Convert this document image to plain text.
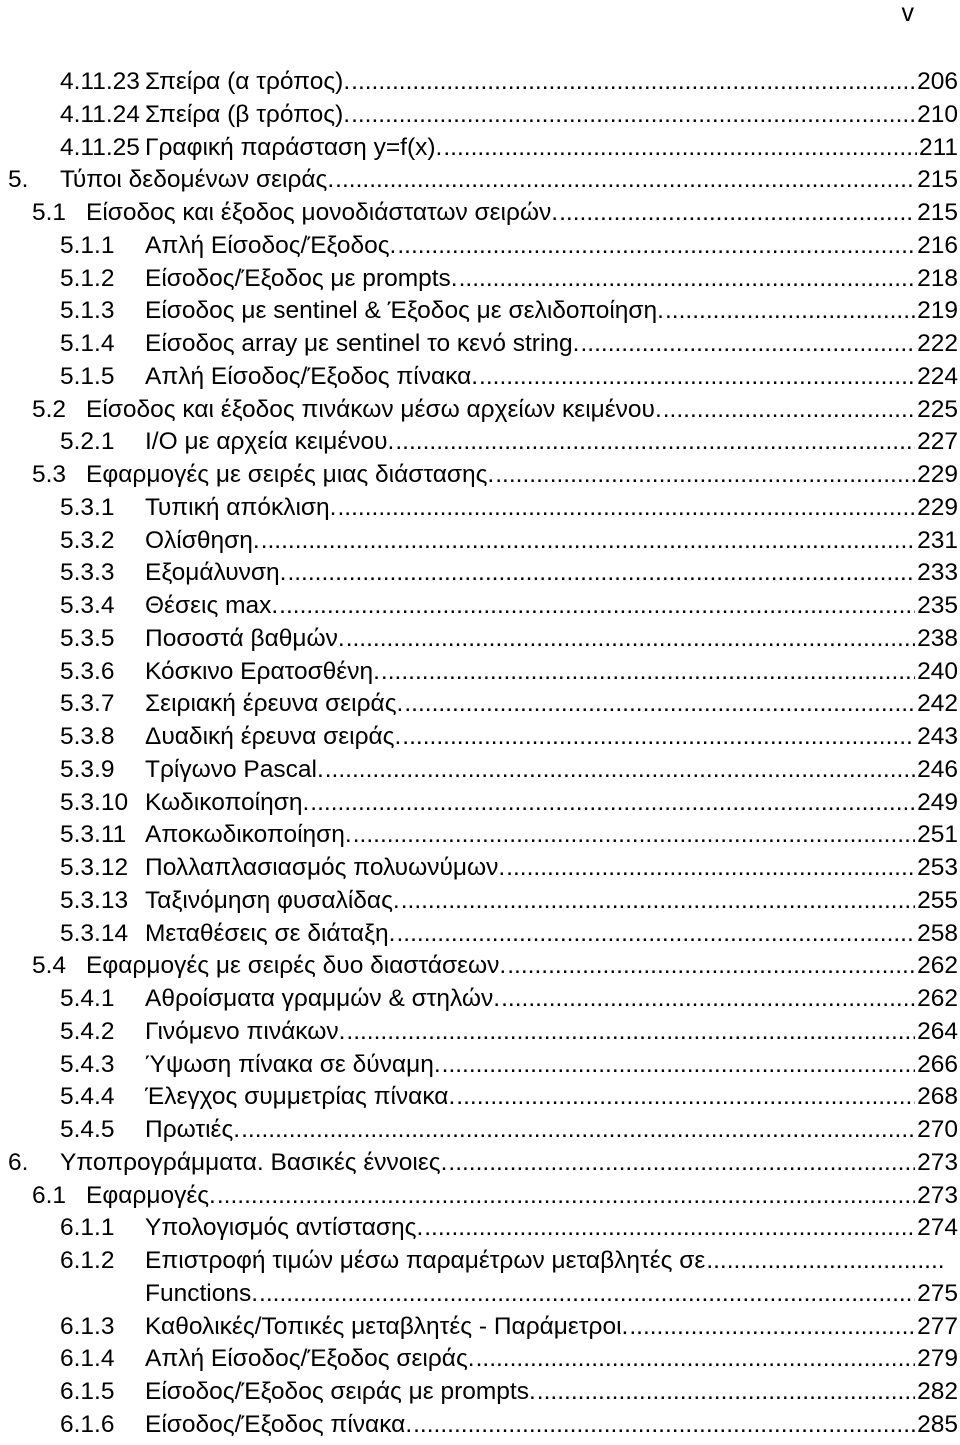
v
4.11.23 Σπείρα (α τρόπος). .....	206
4.11.24 Σπείρα (β τρόπος). .....	210
4.11.25 Γραφική παράσταση y=f(x). .....	211
5. Τύποι δεδομένων σειράς. .....	215
5.1 Είσοδος και έξοδος μονοδιάστατων σειρών. .....	215
5.1.1 Απλή Είσοδος/Έξοδος. .....	216
5.1.2 Είσοδος/Έξοδος με prompts. .....	218
5.1.3 Είσοδος με sentinel & Έξοδος με σελιδοποίηση. .....	219
5.1.4 Είσοδος array με sentinel το κενό string. .....	222
5.1.5 Απλή Είσοδος/Έξοδος πίνακα. .....	224
5.2 Είσοδος και έξοδος πινάκων μέσω αρχείων κειμένου. .....	225
5.2.1 I/O με αρχεία κειμένου. .....	227
5.3 Εφαρμογές με σειρές μιας διάστασης. .....	229
5.3.1 Τυπική απόκλιση. .....	229
5.3.2 Ολίσθηση. .....	231
5.3.3 Εξομάλυνση. .....	233
5.3.4 Θέσεις max. .....	235
5.3.5 Ποσοστά βαθμών. .....	238
5.3.6 Κόσκινο Ερατοσθένη. .....	240
5.3.7 Σειριακή έρευνα σειράς. .....	242
5.3.8 Δυαδική έρευνα σειράς. .....	243
5.3.9 Τρίγωνο Pascal. .....	246
5.3.10 Κωδικοποίηση. .....	249
5.3.11 Αποκωδικοποίηση. .....	251
5.3.12 Πολλαπλασιασμός πολυωνύμων. .....	253
5.3.13 Ταξινόμηση φυσαλίδας. .....	255
5.3.14 Μεταθέσεις σε διάταξη. .....	258
5.4 Εφαρμογές με σειρές δυο διαστάσεων. .....	262
5.4.1 Αθροίσματα γραμμών & στηλών. .....	262
5.4.2 Γινόμενο πινάκων. .....	264
5.4.3 Ύψωση πίνακα σε δύναμη. .....	266
5.4.4 Έλεγχος συμμετρίας πίνακα. .....	268
5.4.5 Πρωτιές. .....	270
6. Υποπρογράμματα. Βασικές έννοιες. .....	273
6.1 Εφαρμογές. .....	273
6.1.1 Υπολογισμός αντίστασης. .....	274
6.1.2 Επιστροφή τιμών μέσω παραμέτρων μεταβλητές σε
.....
Functions. .....	275
6.1.3 Καθολικές/Τοπικές μεταβλητές - Παράμετροι. .....	277
6.1.4 Απλή Είσοδος/Έξοδος σειράς. .....	279
6.1.5 Είσοδος/Έξοδος σειράς με prompts. .....	282
6.1.6 Είσοδος/Έξοδος πίνακα. .....	285
